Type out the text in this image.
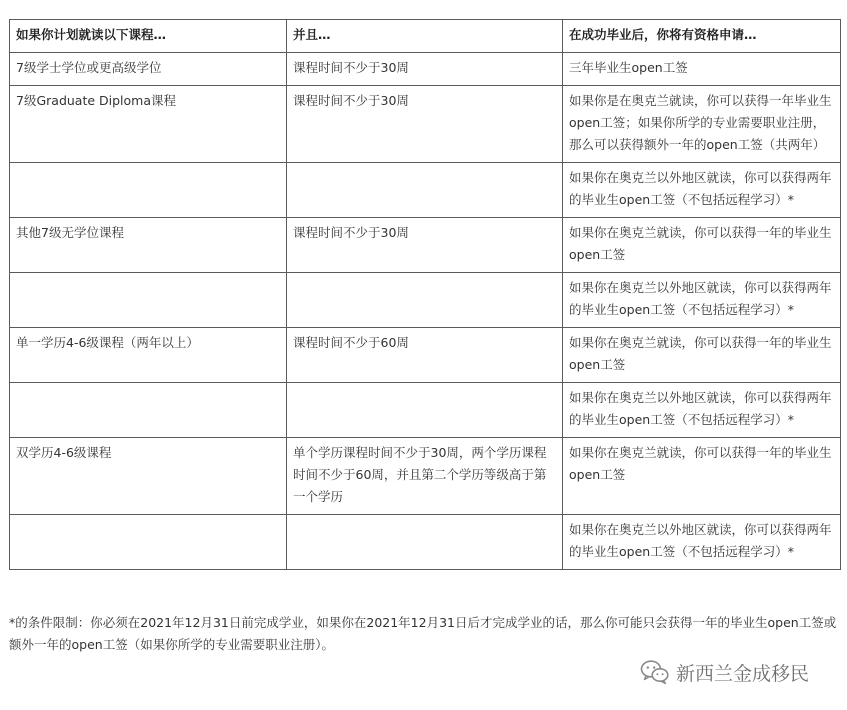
如果你计划就读以下课程…	并且…	在成功毕业后，你将有资格申请…
7级学士学位或更高级学位	课程时间不少于30周	三年毕业生open工签
7级Graduate Diploma课程	课程时间不少于30周	如果你是在奥克兰就读，你可以获得一年毕业生open工签；如果你所学的专业需要职业注册，那么可以获得额外一年的open工签（共两年）
		如果你在奥克兰以外地区就读，你可以获得两年的毕业生open工签（不包括远程学习）*
其他7级无学位课程	课程时间不少于30周	如果你在奥克兰就读，你可以获得一年的毕业生open工签
		如果你在奥克兰以外地区就读，你可以获得两年的毕业生open工签（不包括远程学习）*
单一学历4-6级课程（两年以上）	课程时间不少于60周	如果你在奥克兰就读，你可以获得一年的毕业生open工签
		如果你在奥克兰以外地区就读，你可以获得两年的毕业生open工签（不包括远程学习）*
双学历4-6级课程	单个学历课程时间不少于30周，两个学历课程时间不少于60周，并且第二个学历等级高于第一个学历	如果你在奥克兰就读，你可以获得一年的毕业生open工签
		如果你在奥克兰以外地区就读，你可以获得两年的毕业生open工签（不包括远程学习）*

*的条件限制：你必须在2021年12月31日前完成学业，如果你在2021年12月31日后才完成学业的话，那么你可能只会获得一年的毕业生open工签或额外一年的open工签（如果你所学的专业需要职业注册）。

新西兰金成移民
